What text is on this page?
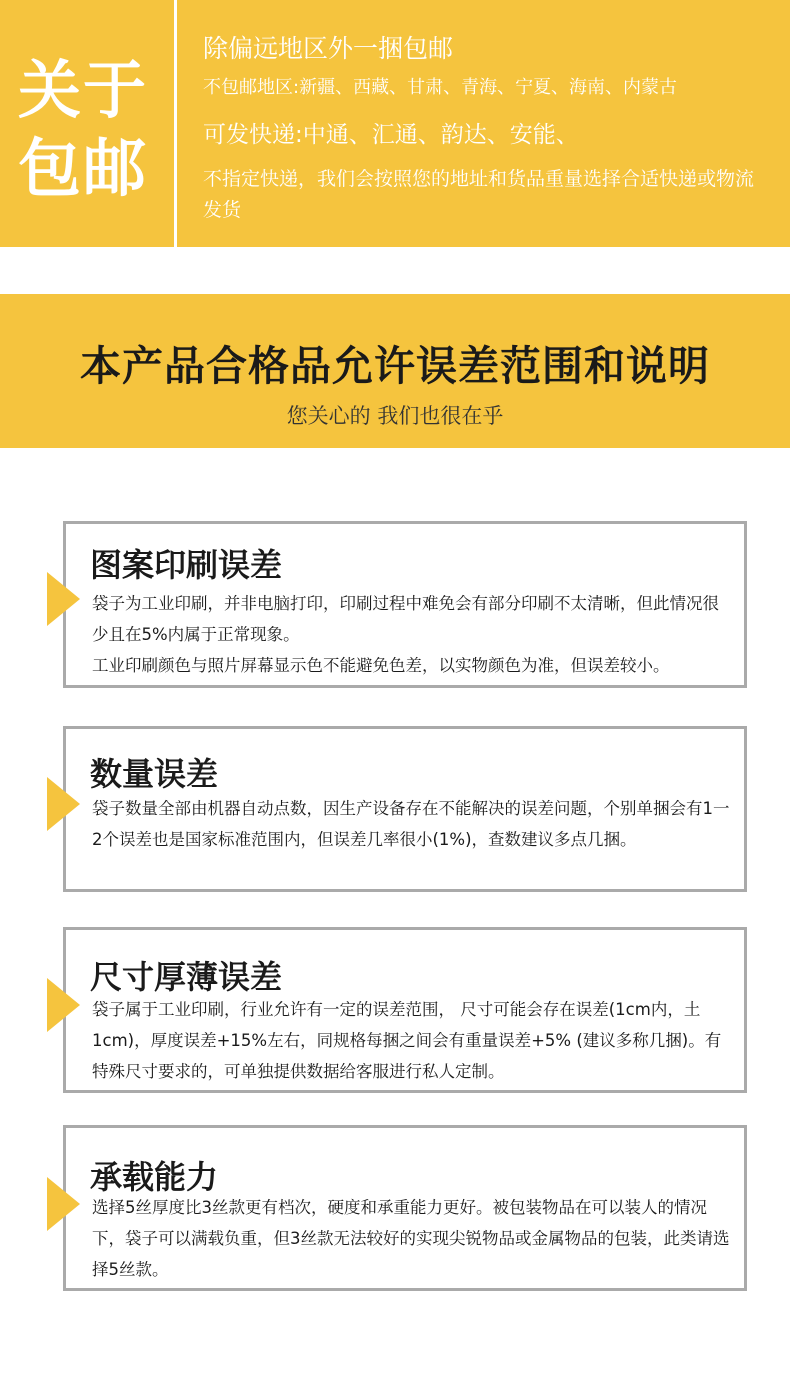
关于
包邮
除偏远地区外一捆包邮
不包邮地区:新疆、西藏、甘肃、青海、宁夏、海南、内蒙古
可发快递:中通、汇通、韵达、安能、
不指定快递，我们会按照您的地址和货品重量选择合适快递或物流发货
本产品合格品允许误差范围和说明
您关心的 我们也很在乎
图案印刷误差
袋子为工业印刷，并非电脑打印，印刷过程中难免会有部分印刷不太清晰，但此情况很少且在5%内属于正常现象。
工业印刷颜色与照片屏幕显示色不能避免色差，以实物颜色为准，但误差较小。
数量误差
袋子数量全部由机器自动点数，因生产设备存在不能解决的误差问题，个别单捆会有1一2个误差也是国家标准范围内，但误差几率很小(1%)，查数建议多点几捆。
尺寸厚薄误差
袋子属于工业印刷，行业允许有一定的误差范围， 尺寸可能会存在误差(1cm内，土1cm)，厚度误差+15%左右，同规格每捆之间会有重量误差+5% (建议多称几捆)。有特殊尺寸要求的，可单独提供数据给客服进行私人定制。
承载能力
选择5丝厚度比3丝款更有档次，硬度和承重能力更好。被包装物品在可以装人的情况下，袋子可以满载负重，但3丝款无法较好的实现尖锐物品或金属物品的包装，此类请选择5丝款。
